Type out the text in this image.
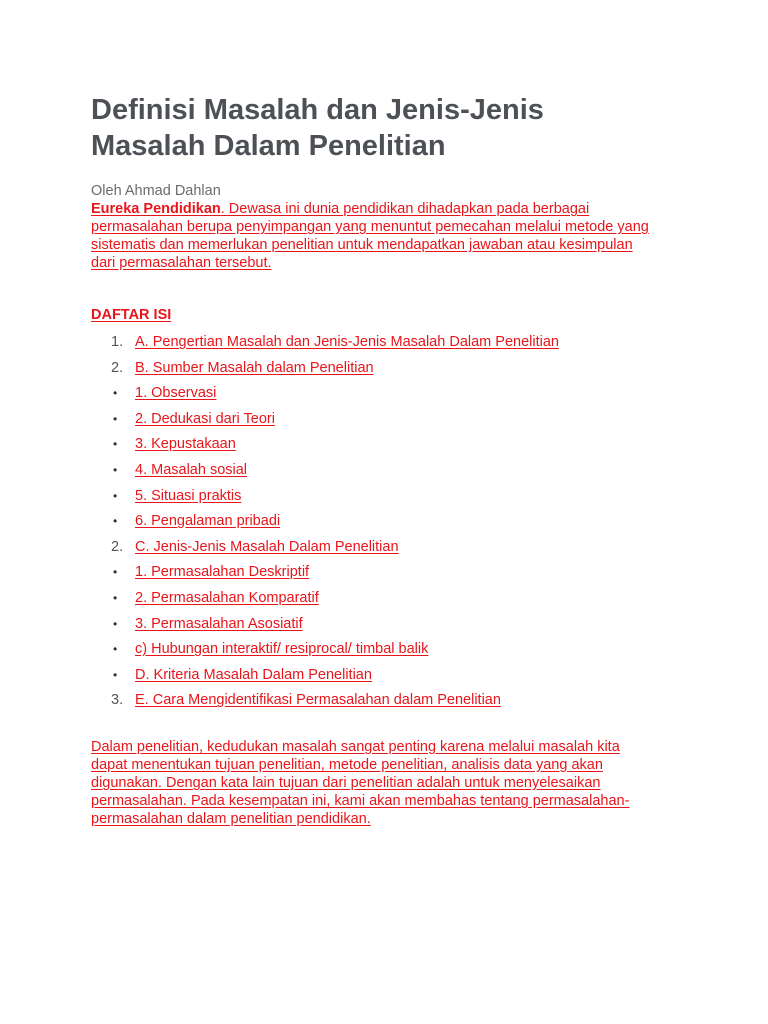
Definisi Masalah dan Jenis-Jenis
Masalah Dalam Penelitian
Oleh Ahmad Dahlan
Eureka Pendidikan. Dewasa ini dunia pendidikan dihadapkan pada berbagai
permasalahan berupa penyimpangan yang menuntut pemecahan melalui metode yang
sistematis dan memerlukan penelitian untuk mendapatkan jawaban atau kesimpulan
dari permasalahan tersebut.
DAFTAR ISI
1. A. Pengertian Masalah dan Jenis-Jenis Masalah Dalam Penelitian
2. B. Sumber Masalah dalam Penelitian
•	1. Observasi
•	2. Dedukasi dari Teori
•	3. Kepustakaan
•	4. Masalah sosial
•	5. Situasi praktis
•	6. Pengalaman pribadi
2. C. Jenis-Jenis Masalah Dalam Penelitian
•	1. Permasalahan Deskriptif
•	2. Permasalahan Komparatif
•	3. Permasalahan Asosiatif
•	c) Hubungan interaktif/ resiprocal/ timbal balik
•	D. Kriteria Masalah Dalam Penelitian
3. E. Cara Mengidentifikasi Permasalahan dalam Penelitian
Dalam penelitian, kedudukan masalah sangat penting karena melalui masalah kita
dapat menentukan tujuan penelitian, metode penelitian, analisis data yang akan
digunakan. Dengan kata lain tujuan dari penelitian adalah untuk menyelesaikan
permasalahan. Pada kesempatan ini, kami akan membahas tentang permasalahan-
permasalahan dalam penelitian pendidikan.
